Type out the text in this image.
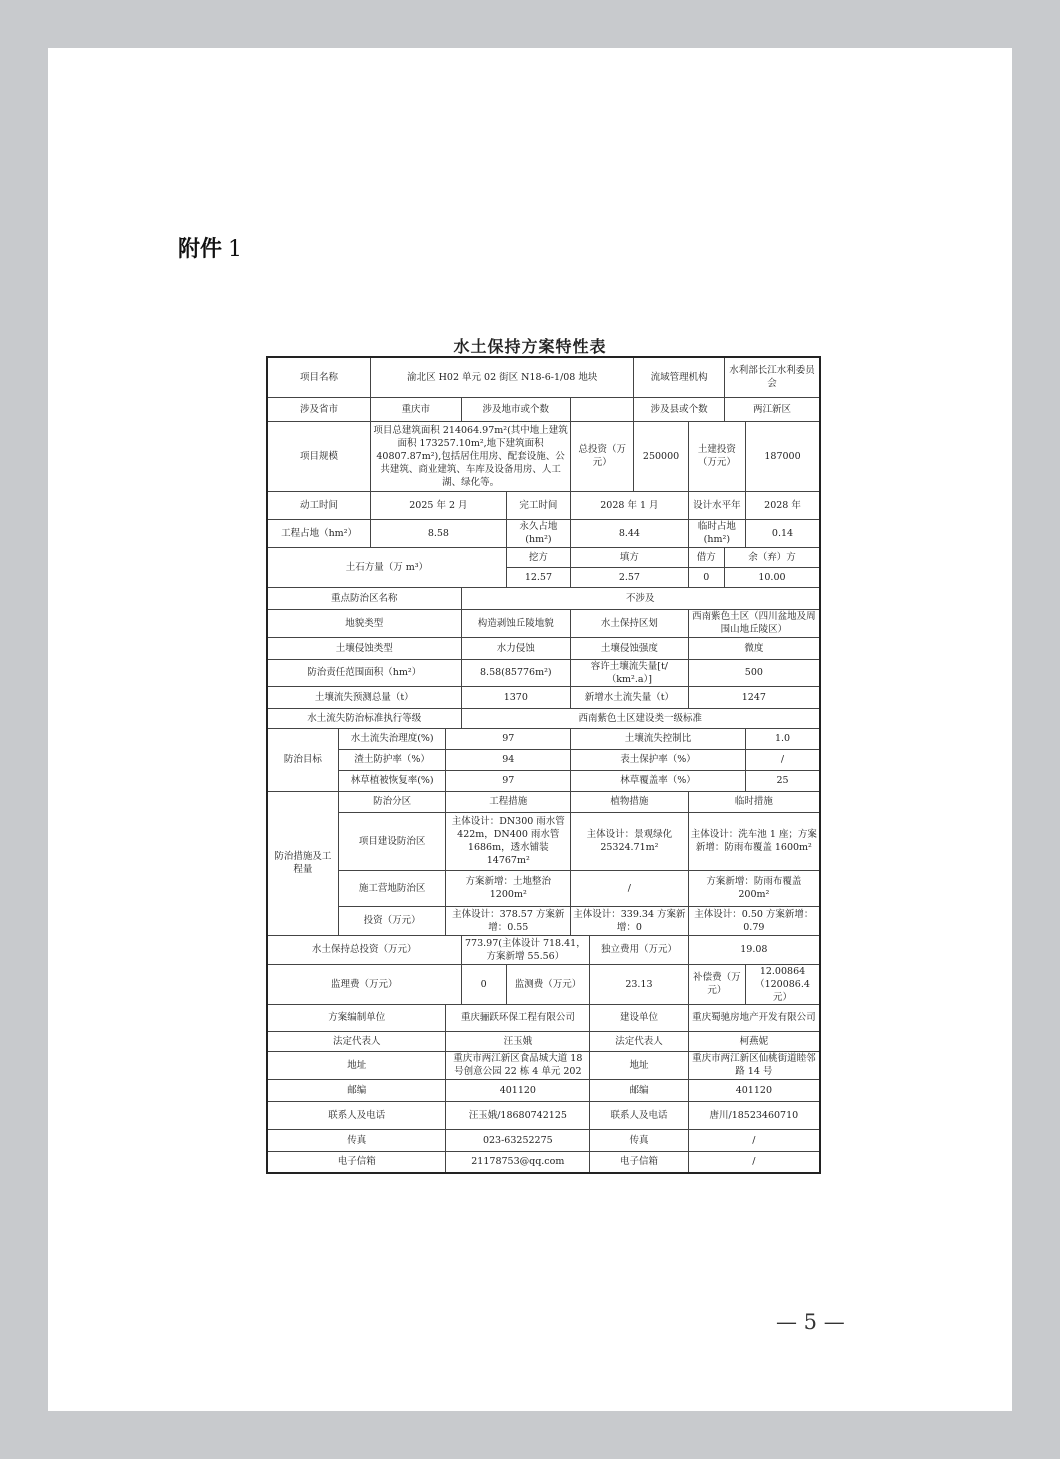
附件 1
水土保持方案特性表
项目名称		渝北区 H02 单元 02 街区 N18-6-1/08 地块						流域管理机构		水利部长江水利委员会	
涉及省市		重庆市		涉及地市或个数				涉及县或个数		两江新区	
项目规模		项目总建筑面积 214064.97m²(其中地上建筑面积 173257.10m²,地下建筑面积 40807.87m²),包括居住用房、配套设施、公共建筑、商业建筑、车库及设备用房、人工湖、绿化等。				总投资（万元）		250000	土建投资（万元）		187000
动工时间		2025 年 2 月			完工时间	2028 年 1 月			设计水平年		2028 年
工程占地（hm²）		8.58			永久占地(hm²)	8.44			临时占地(hm²)		0.14
土石方量（万 m³）					挖方	填方			借方	余（弃）方	
					12.57	2.57			0	10.00	
重点防治区名称				不涉及							
地貌类型				构造剥蚀丘陵地貌		水土保持区划			西南紫色土区（四川盆地及周围山地丘陵区）		
土壤侵蚀类型				水力侵蚀		土壤侵蚀强度			微度		
防治责任范围面积（hm²）				8.58(85776m²)		容许土壤流失量[t/（km².a）]			500		
土壤流失预测总量（t）				1370		新增水土流失量（t）			1247		
水土流失防治标准执行等级				西南紫色土区建设类一级标准							
防治目标	水土流失治理度(%)		97			土壤流失控制比					1.0
	渣土防护率（%）		94			表土保护率（%）					/
	林草植被恢复率(%)		97			林草覆盖率（%）					25
防治措施及工程量	防治分区		工程措施			植物措施			临时措施		
	项目建设防治区		主体设计：DN300 雨水管 422m，DN400 雨水管 1686m，透水铺装 14767m²			主体设计：景观绿化 25324.71m²			主体设计：洗车池 1 座；方案新增：防雨布覆盖 1600m²		
	施工营地防治区		方案新增：土地整治 1200m²			/			方案新增：防雨布覆盖 200m²		
	投资（万元）		主体设计：378.57 方案新增：0.55			主体设计：339.34 方案新增：0			主体设计：0.50 方案新增：0.79		
水土保持总投资（万元）				773.97(主体设计 718.41，方案新增 55.56）			独立费用（万元）		19.08		
监理费（万元）				0	监测费（万元）		23.13		补偿费（万元）		12.00864（120086.4 元）
方案编制单位			重庆骊跃环保工程有限公司				建设单位		重庆蜀驰房地产开发有限公司		
法定代表人			汪玉娥				法定代表人		柯燕妮		
地址			重庆市两江新区食品城大道 18 号创意公园 22 栋 4 单元 202				地址		重庆市两江新区仙桃街道睦邻路 14 号		
邮编			401120				邮编		401120		
联系人及电话			汪玉娥/18680742125				联系人及电话		唐川/18523460710		
传真			023-63252275				传真		/		
电子信箱			21178753@qq.com				电子信箱		/		
— 5 —
